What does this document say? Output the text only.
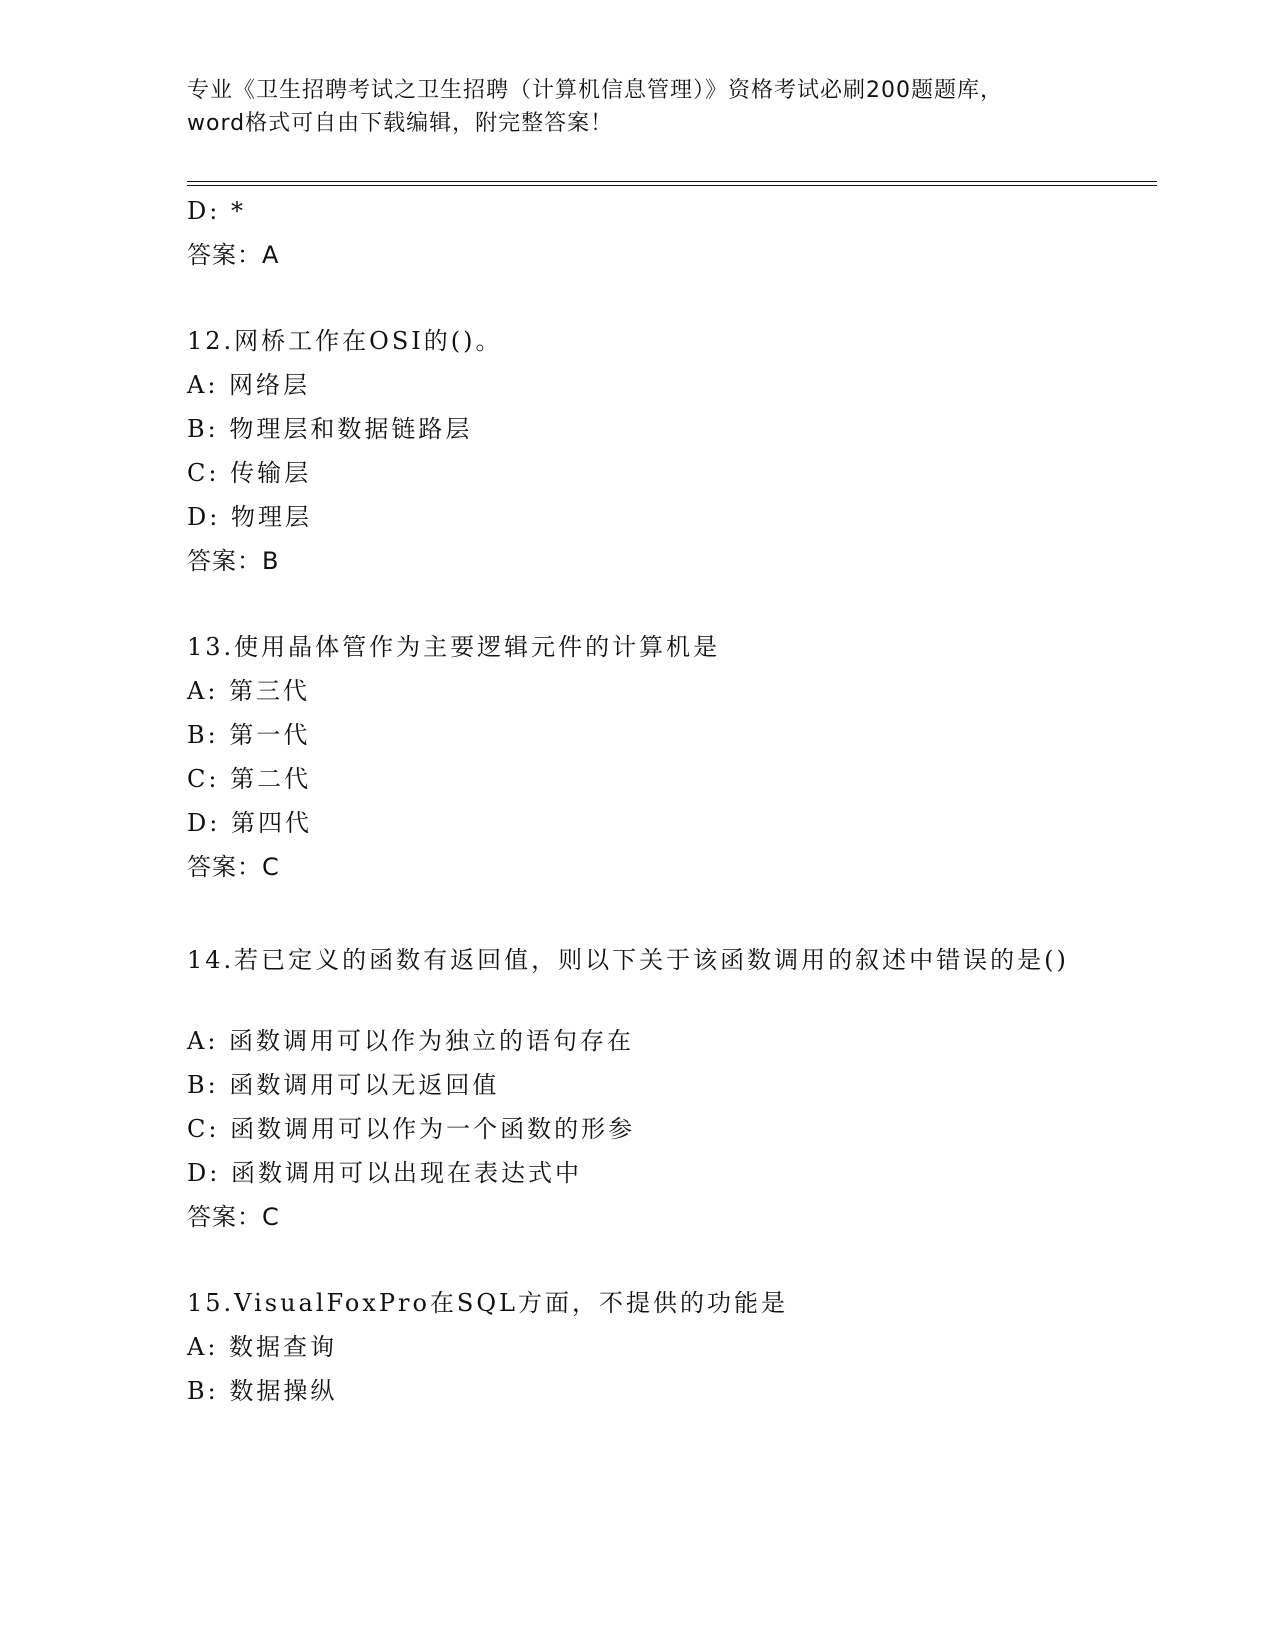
专业《卫生招聘考试之卫生招聘（计算机信息管理）》资格考试必刷200题题库，
word格式可自由下载编辑，附完整答案！
D: *
答案：A
12.网桥工作在OSI的()。
A: 网络层
B: 物理层和数据链路层
C: 传输层
D: 物理层
答案：B
13.使用晶体管作为主要逻辑元件的计算机是
A: 第三代
B: 第一代
C: 第二代
D: 第四代
答案：C
14.若已定义的函数有返回值，则以下关于该函数调用的叙述中错误的是()
A: 函数调用可以作为独立的语句存在
B: 函数调用可以无返回值
C: 函数调用可以作为一个函数的形参
D: 函数调用可以出现在表达式中
答案：C
15.VisualFoxPro在SQL方面，不提供的功能是
A: 数据查询
B: 数据操纵
